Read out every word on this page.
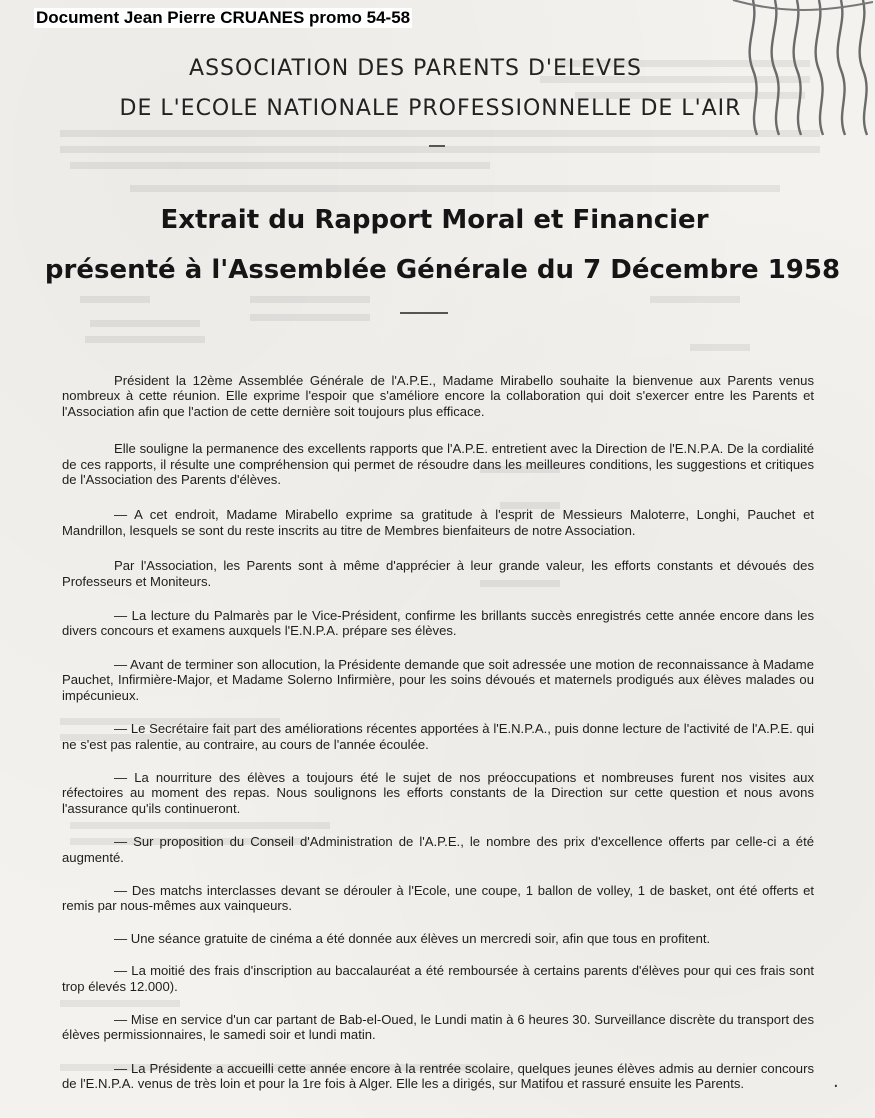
Document Jean Pierre CRUANES promo 54-58
ASSOCIATION DES PARENTS D'ELEVES
DE L'ECOLE NATIONALE PROFESSIONNELLE DE L'AIR
Extrait du Rapport Moral et Financier
présenté à l'Assemblée Générale du 7 Décembre 1958

Président la 12ème Assemblée Générale de l'A.P.E., Madame Mirabello souhaite la bienvenue aux Parents venus nombreux à cette réunion. Elle exprime l'espoir que s'améliore encore la collaboration qui doit s'exercer entre les Parents et l'Association afin que l'action de cette dernière soit toujours plus efficace.

Elle souligne la permanence des excellents rapports que l'A.P.E. entretient avec la Direction de l'E.N.P.A. De la cordialité de ces rapports, il résulte une compréhension qui permet de résoudre dans les meilleures conditions, les suggestions et critiques de l'Association des Parents d'élèves.

— A cet endroit, Madame Mirabello exprime sa gratitude à l'esprit de Messieurs Maloterre, Longhi, Pauchet et Mandrillon, lesquels se sont du reste inscrits au titre de Membres bienfaiteurs de notre Association.

Par l'Association, les Parents sont à même d'apprécier à leur grande valeur, les efforts constants et dévoués des Professeurs et Moniteurs.

— La lecture du Palmarès par le Vice-Président, confirme les brillants succès enregistrés cette année encore dans les divers concours et examens auxquels l'E.N.P.A. prépare ses élèves.

— Avant de terminer son allocution, la Présidente demande que soit adressée une motion de reconnaissance à Madame Pauchet, Infirmière-Major, et Madame Solerno Infirmière, pour les soins dévoués et maternels prodigués aux élèves malades ou impécunieux.

— Le Secrétaire fait part des améliorations récentes apportées à l'E.N.P.A., puis donne lecture de l'activité de l'A.P.E. qui ne s'est pas ralentie, au contraire, au cours de l'année écoulée.

— La nourriture des élèves a toujours été le sujet de nos préoccupations et nombreuses furent nos visites aux réfectoires au moment des repas. Nous soulignons les efforts constants de la Direction sur cette question et nous avons l'assurance qu'ils continueront.

— Sur proposition du Conseil d'Administration de l'A.P.E., le nombre des prix d'excellence offerts par celle-ci a été augmenté.

— Des matchs interclasses devant se dérouler à l'Ecole, une coupe, 1 ballon de volley, 1 de basket, ont été offerts et remis par nous-mêmes aux vainqueurs.

— Une séance gratuite de cinéma a été donnée aux élèves un mercredi soir, afin que tous en profitent.

— La moitié des frais d'inscription au baccalauréat a été remboursée à certains parents d'élèves pour qui ces frais sont trop élevés 12.000).

— Mise en service d'un car partant de Bab-el-Oued, le Lundi matin à 6 heures 30. Surveillance discrète du transport des élèves permissionnaires, le samedi soir et lundi matin.

— La Présidente a accueilli cette année encore à la rentrée scolaire, quelques jeunes élèves admis au dernier concours de l'E.N.P.A. venus de très loin et pour la 1re fois à Alger. Elle les a dirigés, sur Matifou et rassuré ensuite les Parents.	·
